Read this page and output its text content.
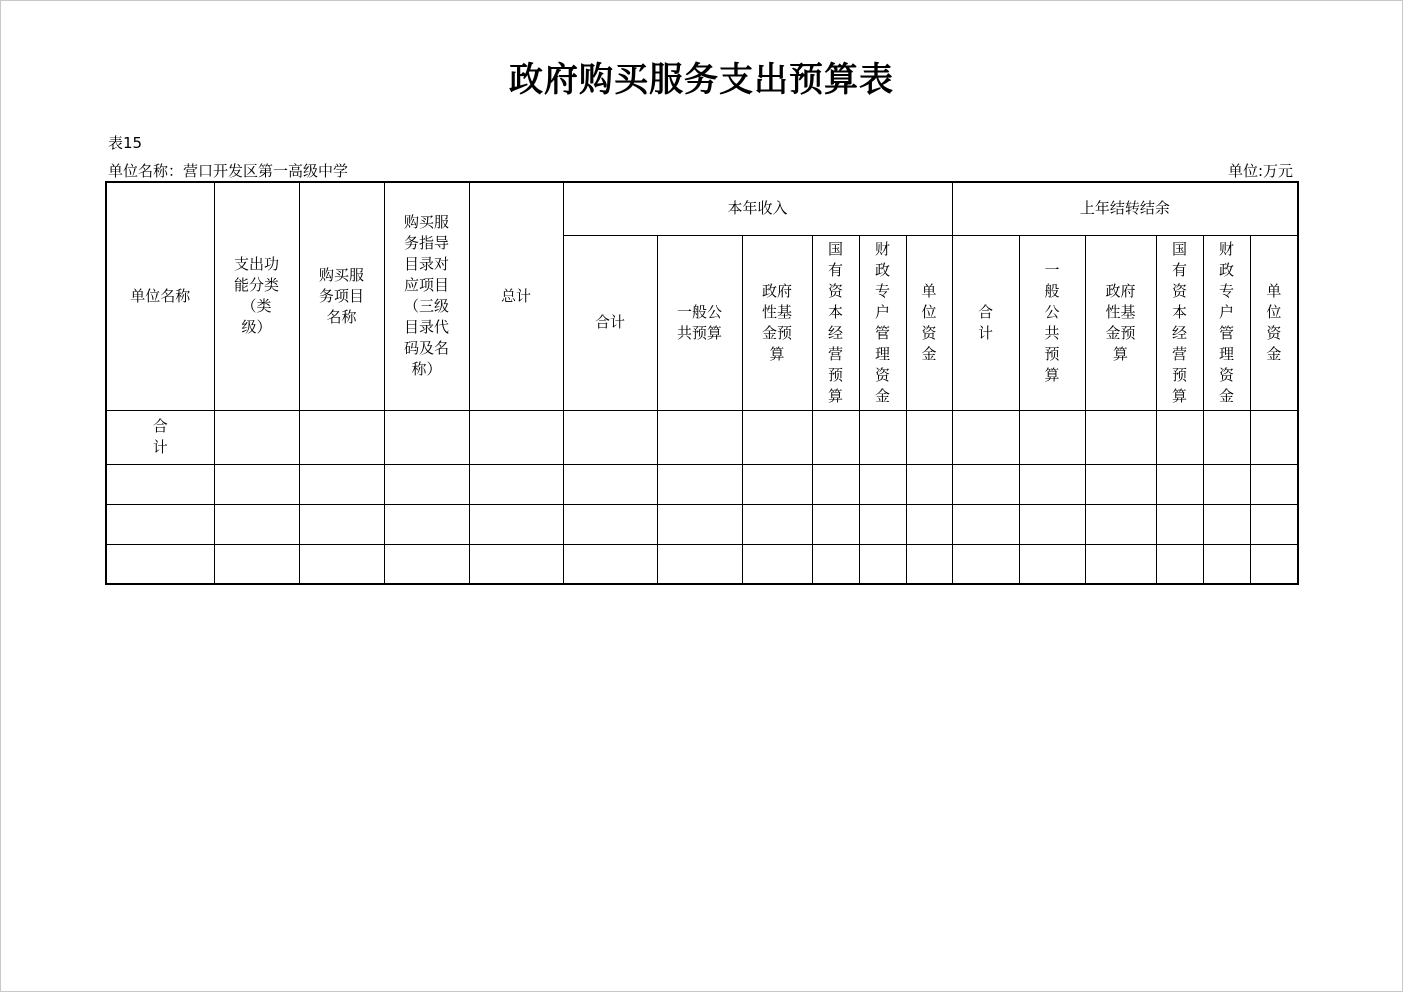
政府购买服务支出预算表
表15
单位名称：营口开发区第一高级中学	单位:万元
单位名称	支出功能分类（类级）	购买服务项目名称	购买服务指导目录对应项目（三级目录代码及名称）	总计	本年收入						上年结转结余					
					合计	一般公共预算	政府性基金预算	国有资本经营预算	财政专户管理资金	单位资金	合计	一般公共预算	政府性基金预算	国有资本经营预算	财政专户管理资金	单位资金
合计																
